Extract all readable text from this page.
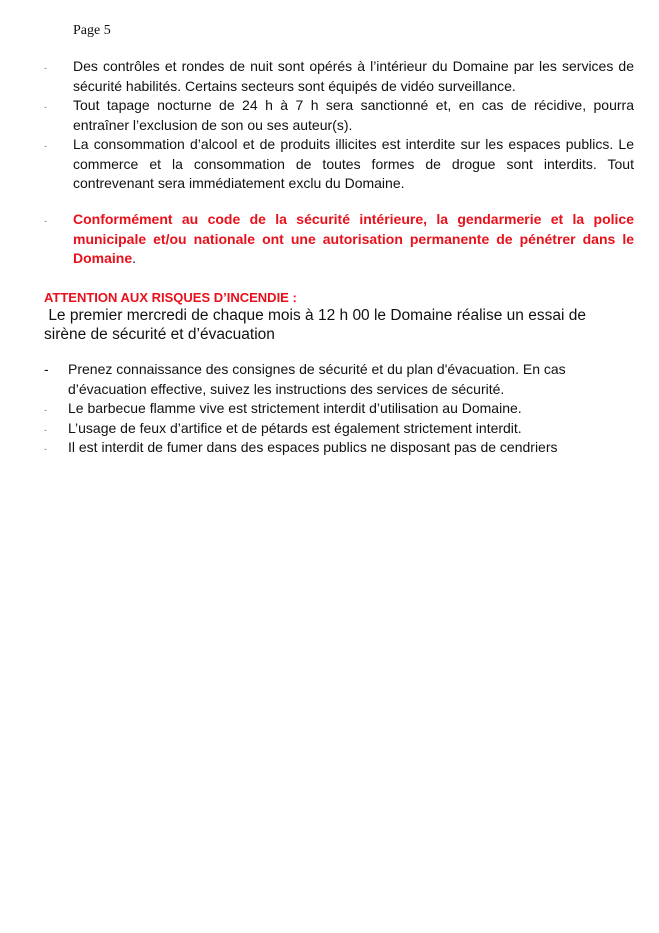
Page 5
- Des contrôles et rondes de nuit sont opérés à l’intérieur du Domaine par les services de sécurité habilités. Certains secteurs sont équipés de vidéo surveillance.
- Tout tapage nocturne de 24 h à 7 h sera sanctionné et, en cas de récidive, pourra entraîner l’exclusion de son ou ses auteur(s).
- La consommation d’alcool et de produits illicites est interdite sur les espaces publics. Le commerce et la consommation de toutes formes de drogue sont interdits. Tout contrevenant sera immédiatement exclu du Domaine.
- Conformément au code de la sécurité intérieure, la gendarmerie et la police municipale et/ou nationale ont une autorisation permanente de pénétrer dans le Domaine.
ATTENTION AUX RISQUES D’INCENDIE :
Le premier mercredi de chaque mois à 12 h 00 le Domaine réalise un essai de sirène de sécurité et d’évacuation
- Prenez connaissance des consignes de sécurité et du plan d'évacuation. En cas d’évacuation effective, suivez les instructions des services de sécurité.
- Le barbecue flamme vive est strictement interdit d’utilisation au Domaine.
- L’usage de feux d’artifice et de pétards est également strictement interdit.
- Il est interdit de fumer dans des espaces publics ne disposant pas de cendriers
